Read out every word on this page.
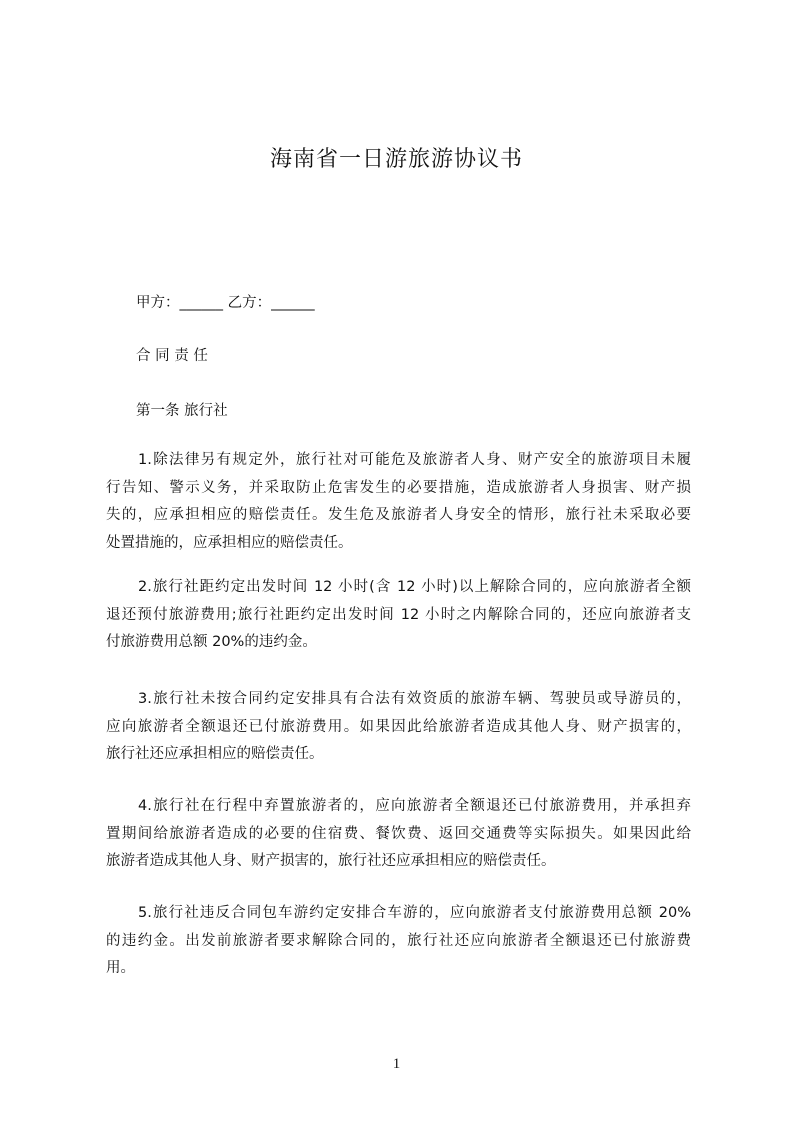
海南省一日游旅游协议书
甲方：______ 乙方：______
合 同 责 任
第一条 旅行社
1.除法律另有规定外，旅行社对可能危及旅游者人身、财产安全的旅游项目未履
行告知、警示义务，并采取防止危害发生的必要措施，造成旅游者人身损害、财产损
失的，应承担相应的赔偿责任。发生危及旅游者人身安全的情形，旅行社未采取必要
处置措施的，应承担相应的赔偿责任。
2.旅行社距约定出发时间 12 小时(含 12 小时)以上解除合同的，应向旅游者全额
退还预付旅游费用;旅行社距约定出发时间 12 小时之内解除合同的，还应向旅游者支
付旅游费用总额 20%的违约金。
3.旅行社未按合同约定安排具有合法有效资质的旅游车辆、驾驶员或导游员的，
应向旅游者全额退还已付旅游费用。如果因此给旅游者造成其他人身、财产损害的，
旅行社还应承担相应的赔偿责任。
4.旅行社在行程中弃置旅游者的，应向旅游者全额退还已付旅游费用，并承担弃
置期间给旅游者造成的必要的住宿费、餐饮费、返回交通费等实际损失。如果因此给
旅游者造成其他人身、财产损害的，旅行社还应承担相应的赔偿责任。
5.旅行社违反合同包车游约定安排合车游的，应向旅游者支付旅游费用总额 20%
的违约金。出发前旅游者要求解除合同的，旅行社还应向旅游者全额退还已付旅游费
用。
1
